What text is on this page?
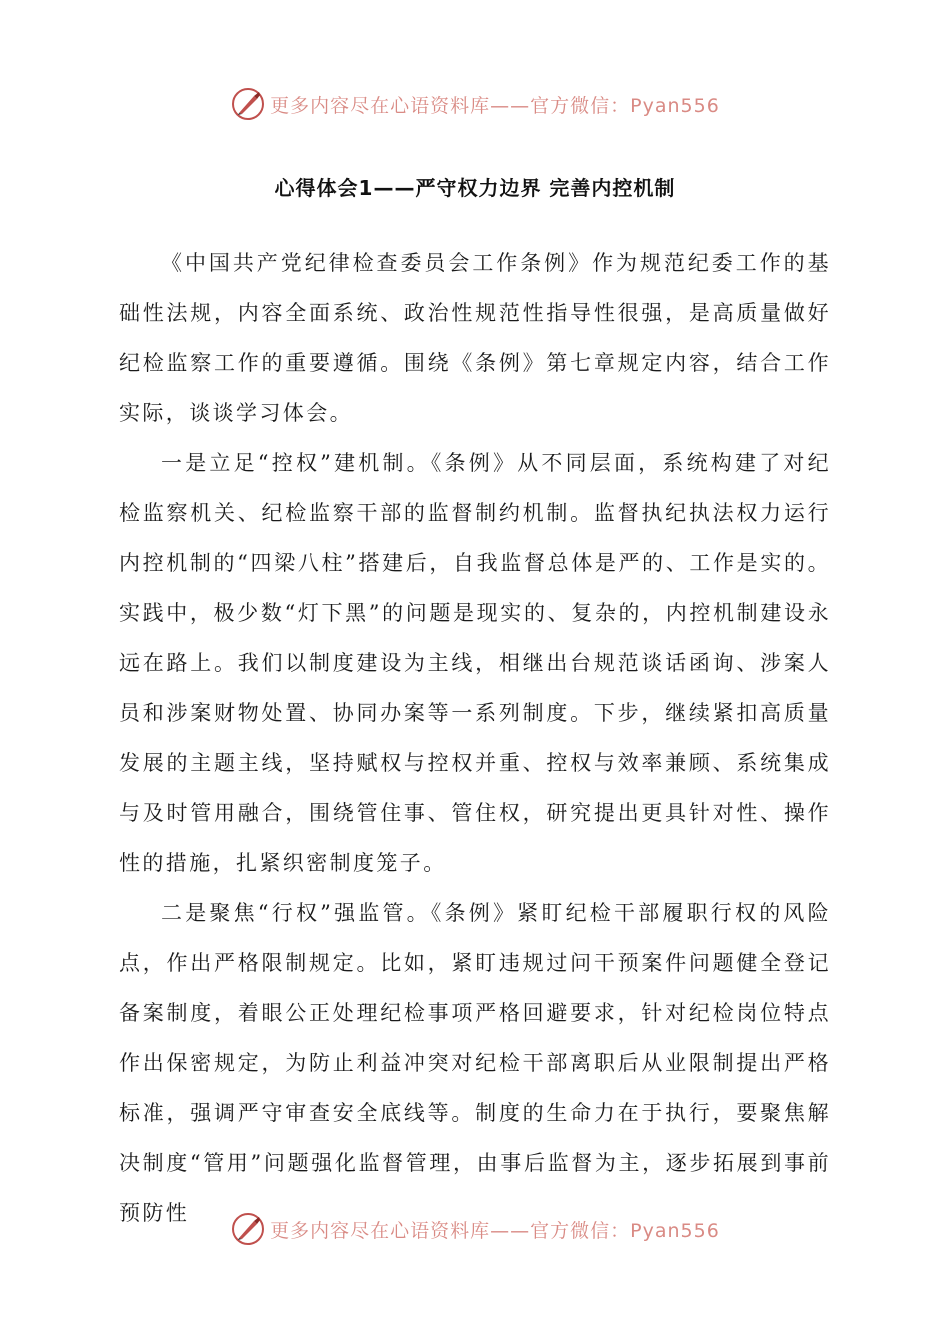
更多内容尽在心语资料库——官方微信：Pyan556
心得体会1——严守权力边界 完善内控机制

《中国共产党纪律检查委员会工作条例》作为规范纪委工作的基础性法规，内容全面系统、政治性规范性指导性很强，是高质量做好纪检监察工作的重要遵循。围绕《条例》第七章规定内容，结合工作实际，谈谈学习体会。

一是立足“控权”建机制。《条例》从不同层面，系统构建了对纪检监察机关、纪检监察干部的监督制约机制。监督执纪执法权力运行内控机制的“四梁八柱”搭建后，自我监督总体是严的、工作是实的。实践中，极少数“灯下黑”的问题是现实的、复杂的，内控机制建设永远在路上。我们以制度建设为主线，相继出台规范谈话函询、涉案人员和涉案财物处置、协同办案等一系列制度。下步，继续紧扣高质量发展的主题主线，坚持赋权与控权并重、控权与效率兼顾、系统集成与及时管用融合，围绕管住事、管住权，研究提出更具针对性、操作性的措施，扎紧织密制度笼子。

二是聚焦“行权”强监管。《条例》紧盯纪检干部履职行权的风险点，作出严格限制规定。比如，紧盯违规过问干预案件问题健全登记备案制度，着眼公正处理纪检事项严格回避要求，针对纪检岗位特点作出保密规定，为防止利益冲突对纪检干部离职后从业限制提出严格标准，强调严守审查安全底线等。制度的生命力在于执行，要聚焦解决制度“管用”问题强化监督管理，由事后监督为主，逐步拓展到事前预防性

更多内容尽在心语资料库——官方微信：Pyan556
